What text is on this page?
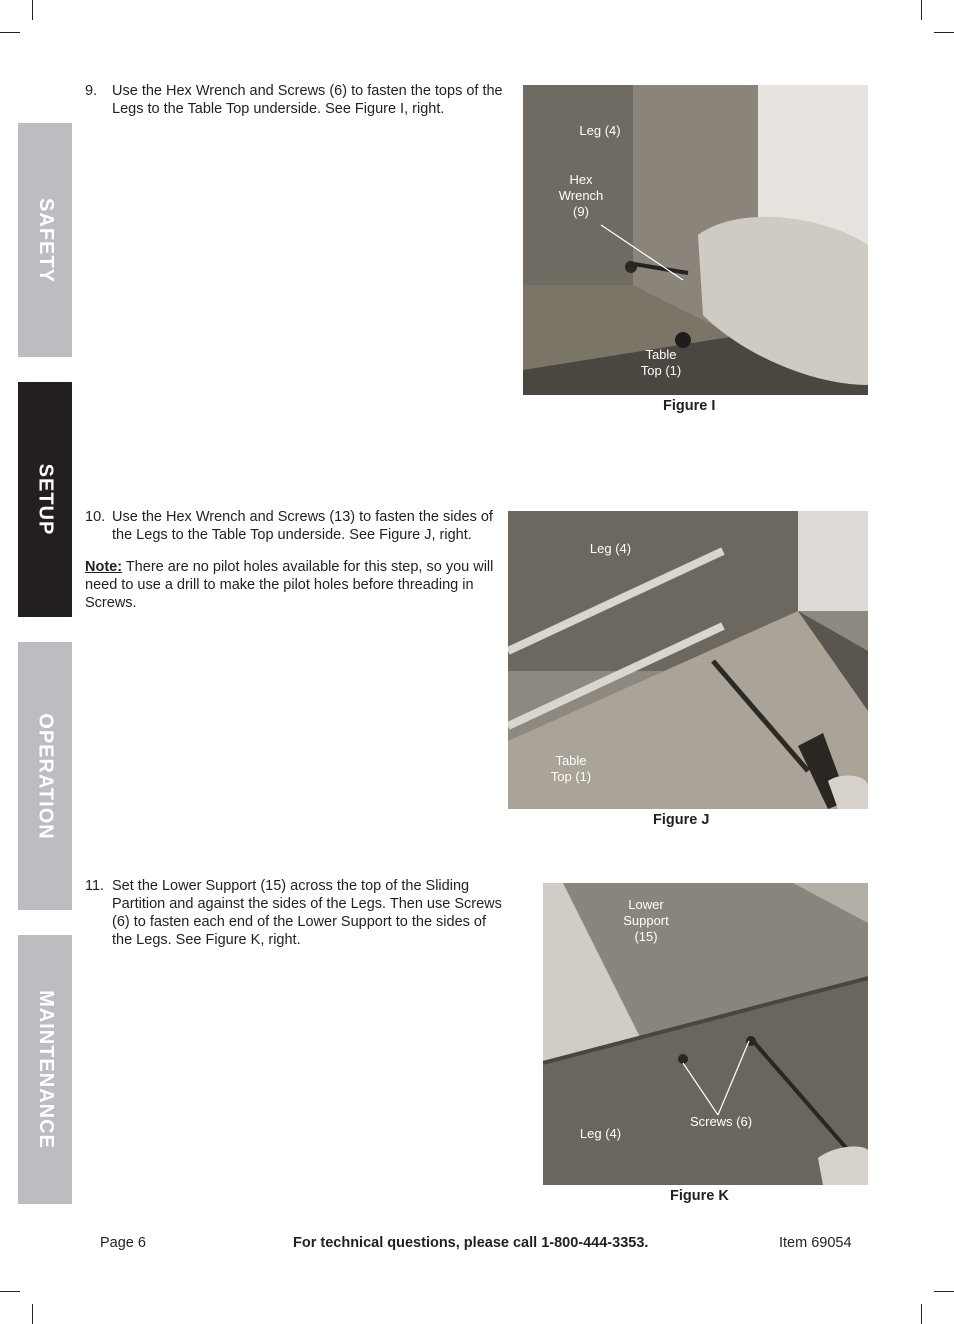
SAFETY
SETUP
OPERATION
MAINTENANCE
9. Use the Hex Wrench and Screws (6) to fasten the tops of the Legs to the Table Top underside. See Figure I, right.
Leg (4)
Hex Wrench (9)
Table Top (1)
Figure I
10. Use the Hex Wrench and Screws (13) to fasten the sides of the Legs to the Table Top underside. See Figure J, right.
Note: There are no pilot holes available for this step, so you will need to use a drill to make the pilot holes before threading in Screws.
Leg (4)
Table Top (1)
Figure J
11. Set the Lower Support (15) across the top of the Sliding Partition and against the sides of the Legs. Then use Screws (6) to fasten each end of the Lower Support to the sides of the Legs. See Figure K, right.
Lower Support (15)
Screws (6)
Leg (4)
Figure K
Page 6	For technical questions, please call 1-800-444-3353.	Item 69054
